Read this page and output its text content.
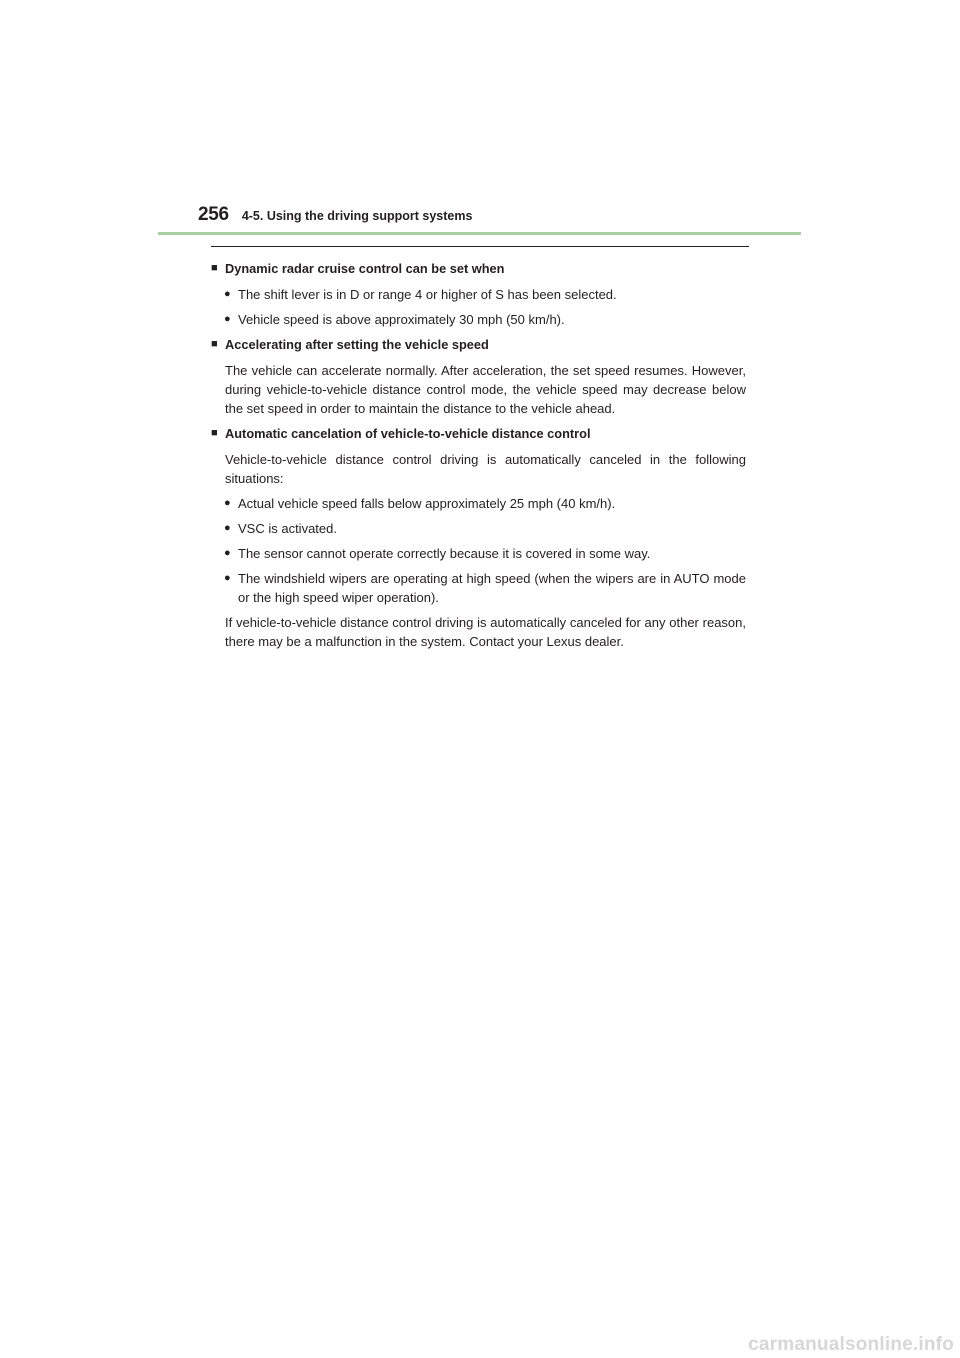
256 4-5. Using the driving support systems
■ Dynamic radar cruise control can be set when
● The shift lever is in D or range 4 or higher of S has been selected.
● Vehicle speed is above approximately 30 mph (50 km/h).
■ Accelerating after setting the vehicle speed
The vehicle can accelerate normally. After acceleration, the set speed resumes. However, during vehicle-to-vehicle distance control mode, the vehicle speed may decrease below the set speed in order to maintain the distance to the vehicle ahead.
■ Automatic cancelation of vehicle-to-vehicle distance control
Vehicle-to-vehicle distance control driving is automatically canceled in the following situations:
● Actual vehicle speed falls below approximately 25 mph (40 km/h).
● VSC is activated.
● The sensor cannot operate correctly because it is covered in some way.
● The windshield wipers are operating at high speed (when the wipers are in AUTO mode or the high speed wiper operation).
If vehicle-to-vehicle distance control driving is automatically canceled for any other reason, there may be a malfunction in the system. Contact your Lexus dealer.
carmanualsonline.info
